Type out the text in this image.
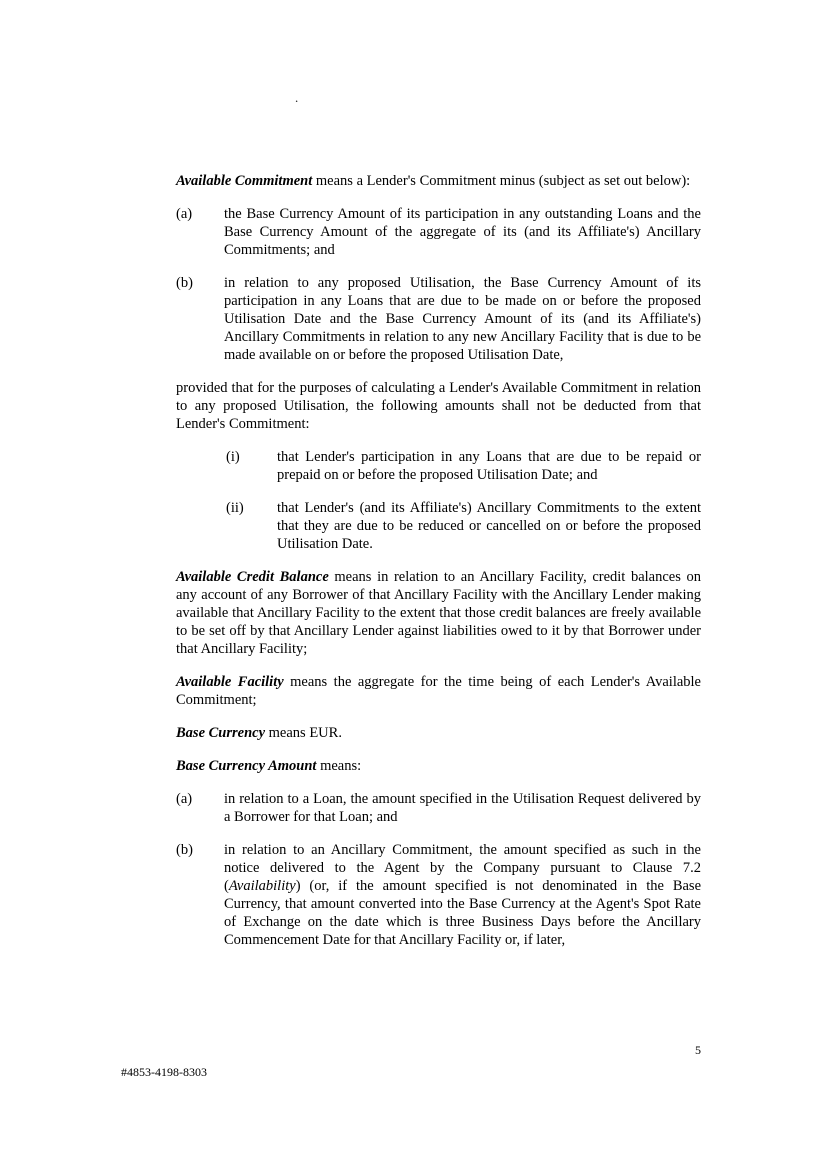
.

Available Commitment means a Lender's Commitment minus (subject as set out below):

(a)	the Base Currency Amount of its participation in any outstanding Loans and the Base Currency Amount of the aggregate of its (and its Affiliate's) Ancillary Commitments; and
(b)	in relation to any proposed Utilisation, the Base Currency Amount of its participation in any Loans that are due to be made on or before the proposed Utilisation Date and the Base Currency Amount of its (and its Affiliate's) Ancillary Commitments in relation to any new Ancillary Facility that is due to be made available on or before the proposed Utilisation Date,

provided that for the purposes of calculating a Lender's Available Commitment in relation to any proposed Utilisation, the following amounts shall not be deducted from that Lender's Commitment:

(i)	that Lender's participation in any Loans that are due to be repaid or prepaid on or before the proposed Utilisation Date; and
(ii)	that Lender's (and its Affiliate's) Ancillary Commitments to the extent that they are due to be reduced or cancelled on or before the proposed Utilisation Date.

Available Credit Balance means in relation to an Ancillary Facility, credit balances on any account of any Borrower of that Ancillary Facility with the Ancillary Lender making available that Ancillary Facility to the extent that those credit balances are freely available to be set off by that Ancillary Lender against liabilities owed to it by that Borrower under that Ancillary Facility;

Available Facility means the aggregate for the time being of each Lender's Available Commitment;

Base Currency means EUR.

Base Currency Amount means:

(a)	in relation to a Loan, the amount specified in the Utilisation Request delivered by a Borrower for that Loan; and
(b)	in relation to an Ancillary Commitment, the amount specified as such in the notice delivered to the Agent by the Company pursuant to Clause 7.2 (Availability) (or, if the amount specified is not denominated in the Base Currency, that amount converted into the Base Currency at the Agent's Spot Rate of Exchange on the date which is three Business Days before the Ancillary Commencement Date for that Ancillary Facility or, if later,
5
#4853-4198-8303
